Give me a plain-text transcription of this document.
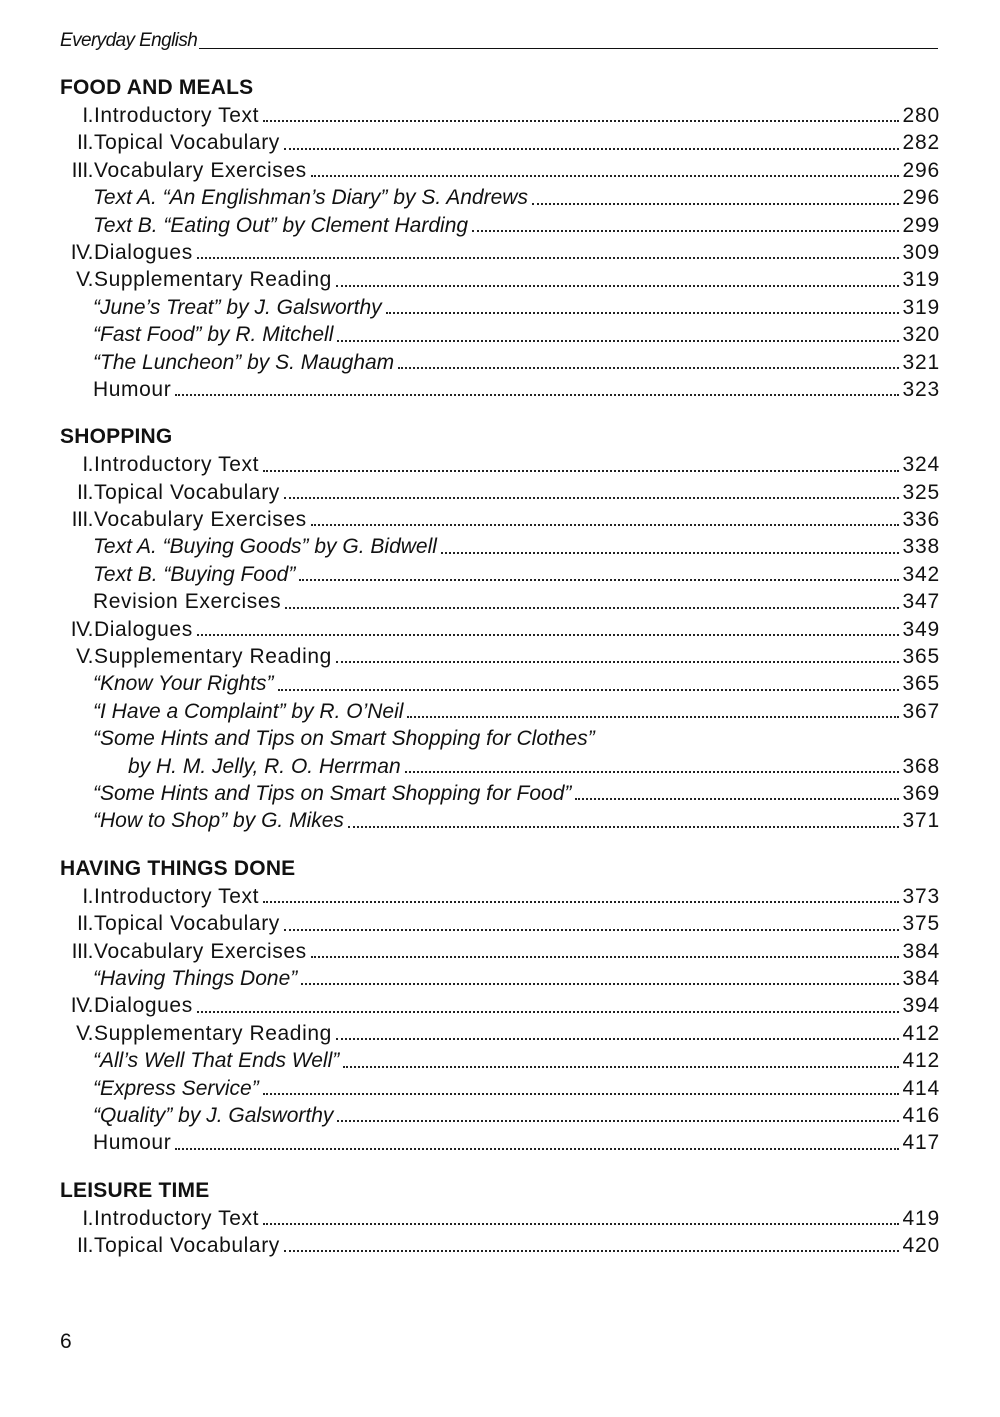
Everyday English
FOOD AND MEALS
I. Introductory Text	280
II. Topical Vocabulary	282
III. Vocabulary Exercises	296
Text A. “An Englishman’s Diary” by S. Andrews	296
Text B. “Eating Out” by Clement Harding	299
IV. Dialogues	309
V. Supplementary Reading	319
“June’s Treat” by J. Galsworthy	319
“Fast Food” by R. Mitchell	320
“The Luncheon” by S. Maugham	321
Humour	323
SHOPPING
I. Introductory Text	324
II. Topical Vocabulary	325
III. Vocabulary Exercises	336
Text A. “Buying Goods” by G. Bidwell	338
Text B. “Buying Food”	342
Revision Exercises	347
IV. Dialogues	349
V. Supplementary Reading	365
“Know Your Rights”	365
“I Have a Complaint” by R. O’Neil	367
“Some Hints and Tips on Smart Shopping for Clothes”
by H. M. Jelly, R. O. Herrman	368
“Some Hints and Tips on Smart Shopping for Food”	369
“How to Shop” by G. Mikes	371
HAVING THINGS DONE
I. Introductory Text	373
II. Topical Vocabulary	375
III. Vocabulary Exercises	384
“Having Things Done”	384
IV. Dialogues	394
V. Supplementary Reading	412
“All’s Well That Ends Well”	412
“Express Service”	414
“Quality” by J. Galsworthy	416
Humour	417
LEISURE TIME
I. Introductory Text	419
II. Topical Vocabulary	420
6
